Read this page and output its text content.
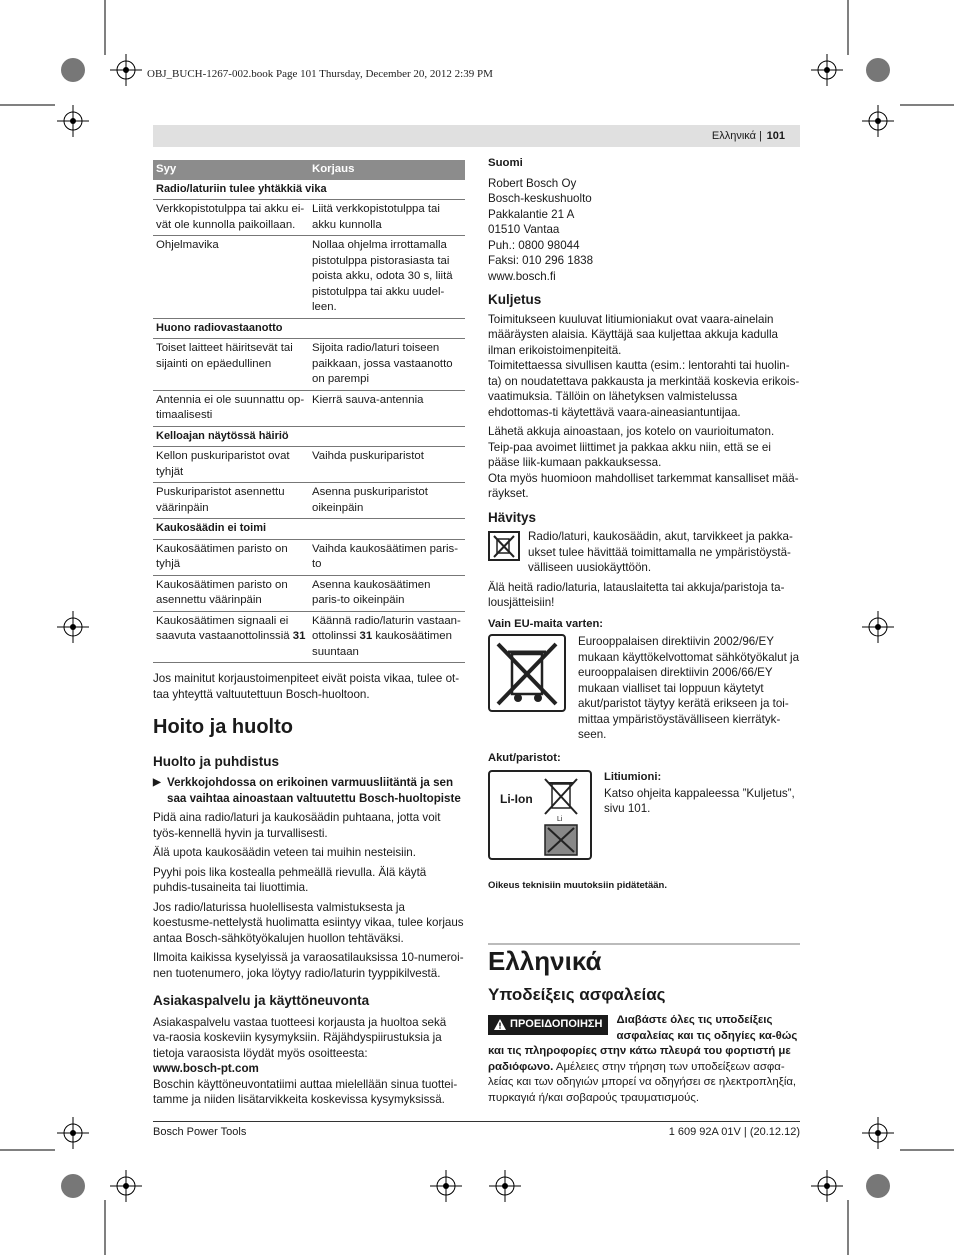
OBJ_BUCH-1267-002.book Page 101 Thursday, December 20, 2012 2:39 PM
Ελληνικά | 101
Syy	Korjaus
Radio/laturiin tulee yhtäkkiä vika	
Verkkopistotulppa tai akku ei-vät ole kunnolla paikoillaan.	Liitä verkkopistotulppa tai akku kunnolla
Ohjelmavika	Nollaa ohjelma irrottamalla pistotulppa pistorasiasta tai poista akku, odota 30 s, liitä pistotulppa tai akku uudel-leen.
Huono radiovastaanotto	
Toiset laitteet häiritsevät tai sijainti on epäedullinen	Sijoita radio/laturi toiseen paikkaan, jossa vastaanotto on parempi
Antennia ei ole suunnattu op-timaalisesti	Kierrä sauva-antennia
Kelloajan näytössä häiriö	
Kellon puskuriparistot ovat tyhjät	Vaihda puskuriparistot
Puskuriparistot asennettu väärinpäin	Asenna puskuriparistot oikeinpäin
Kaukosäädin ei toimi	
Kaukosäätimen paristo on tyhjä	Vaihda kaukosäätimen paris-to
Kaukosäätimen paristo on asennettu väärinpäin	Asenna kaukosäätimen paris-to oikeinpäin
Kaukosäätimen signaali ei saavuta vastaanottolinssiä 31	Käännä radio/laturin vastaan-ottolinssi 31 kaukosäätimen suuntaan

Jos mainitut korjaustoimenpiteet eivät poista vikaa, tulee ot-taa yhteyttä valtuutettuun Bosch-huoltoon.

Hoito ja huolto
Huolto ja puhdistus
▶ Verkkojohdossa on erikoinen varmuusliitäntä ja sen saa vaihtaa ainoastaan valtuutettu Bosch-huoltopiste

Pidä aina radio/laturi ja kaukosäädin puhtaana, jotta voit työs-kennellä hyvin ja turvallisesti.

Älä upota kaukosäädin veteen tai muihin nesteisiin.

Pyyhi pois lika kostealla pehmeällä rievulla. Älä käytä puhdis-tusaineita tai liuottimia.

Jos radio/laturissa huolellisesta valmistuksesta ja koestusme-nettelystä huolimatta esiintyy vikaa, tulee korjaus antaa Bosch-sähkötyökalujen huollon tehtäväksi.

Ilmoita kaikissa kyselyissä ja varaosatilauksissa 10-numeroi-nen tuotenumero, joka löytyy radio/laturin tyyppikilvestä.

Asiakaspalvelu ja käyttöneuvonta

Asiakaspalvelu vastaa tuotteesi korjausta ja huoltoa sekä va-raosia koskeviin kysymyksiin. Räjähdyspiirustuksia ja tietoja varaosista löydät myös osoitteesta:

www.bosch-pt.com

Boschin käyttöneuvontatiimi auttaa mielellään sinua tuottei-tamme ja niiden lisätarvikkeita koskevissa kysymyksissä.

Suomi
Robert Bosch Oy
Bosch-keskushuolto
Pakkalantie 21 A
01510 Vantaa
Puh.: 0800 98044
Faksi: 010 296 1838
www.bosch.fi
Kuljetus

Toimitukseen kuuluvat litiumioniakut ovat vaara-ainelain määräysten alaisia. Käyttäjä saa kuljettaa akkuja kadulla ilman erikoistoimenpiteitä.

Toimitettaessa sivullisen kautta (esim.: lentorahti tai huolin-ta) on noudatettava pakkausta ja merkintää koskevia erikois-vaatimuksia. Tällöin on lähetyksen valmistelussa ehdottomas-ti käytettävä vaara-aineasiantuntijaa.

Lähetä akkuja ainoastaan, jos kotelo on vaurioitumaton. Teip-paa avoimet liittimet ja pakkaa akku niin, että se ei pääse liik-kumaan pakkauksessa.

Ota myös huomioon mahdolliset tarkemmat kansalliset mää-räykset.

Hävitys

Radio/laturi, kaukosäädin, akut, tarvikkeet ja pakka-ukset tulee hävittää toimittamalla ne ympäristöystä-välliseen uusiokäyttöön.

Älä heitä radio/laturia, latauslaitetta tai akkuja/paristoja ta-lousjätteisiin!

Vain EU-maita varten:

Eurooppalaisen direktiivin 2002/96/EY mukaan käyttökelvottomat sähkötyökalut ja eurooppalaisen direktiivin 2006/66/EY mukaan vialliset tai loppuun käytetyt akut/paristot täytyy kerätä erikseen ja toi-mittaa ympäristöystävälliseen kierrätyk-seen.

Akut/paristot:
Li-Ion
Li
Litiumioni:
Katso ohjeita kappaleessa ”Kuljetus”, sivu 101.
Oikeus teknisiin muutoksiin pidätetään.
Ελληνικά
Υποδείξεις ασφαλείας
ΠΡΟΕΙΔΟΠΟΙΗΣΗ Διαβάστε όλες τις υποδείξεις ασφαλείας και τις οδηγίες κα-θώς και τις πληροφορίες στην κάτω πλευρά του φορτιστή με ραδιόφωνο. Αμέλειες στην τήρηση των υποδείξεων ασφα-λείας και των οδηγιών μπορεί να οδηγήσει σε ηλεκτροπληξία, πυρκαγιά ή/και σοβαρούς τραυματισμούς.
Bosch Power Tools	1 609 92A 01V | (20.12.12)
